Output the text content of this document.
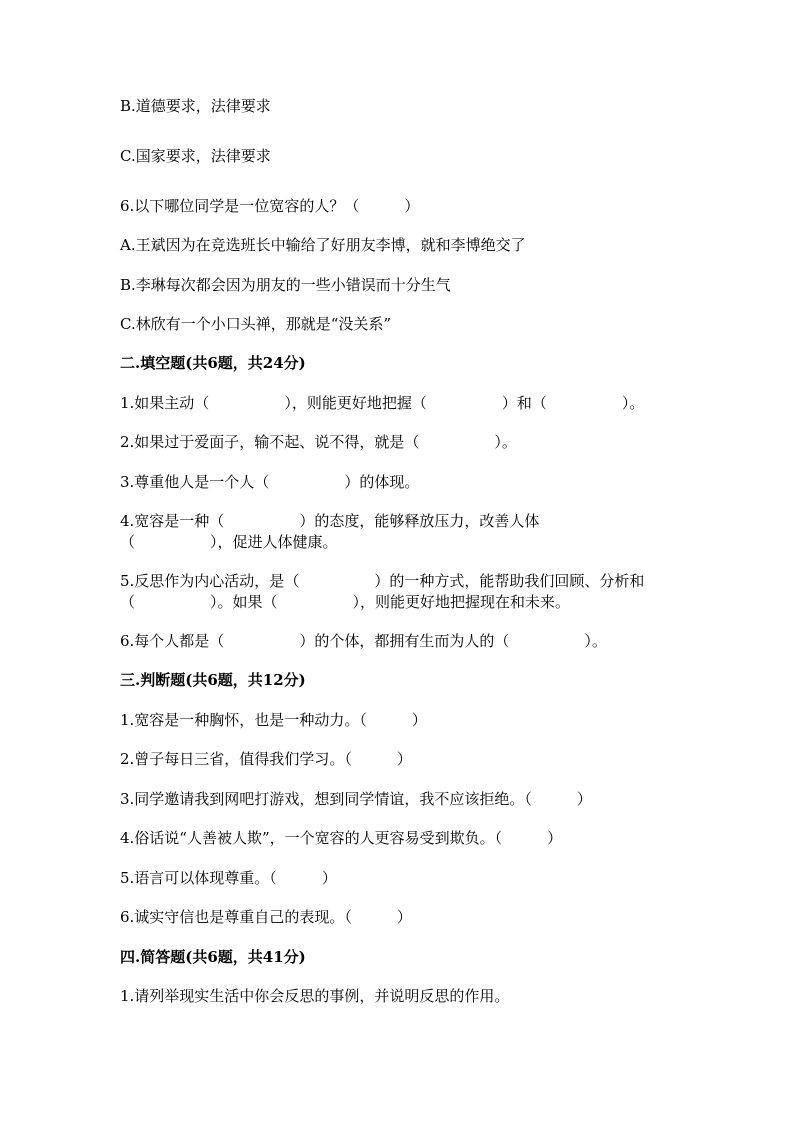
B.道德要求，法律要求

C.国家要求，法律要求

6.以下哪位同学是一位宽容的人？（　　　）

A.王斌因为在竞选班长中输给了好朋友李博，就和李博绝交了

B.李琳每次都会因为朋友的一些小错误而十分生气

C.林欣有一个小口头禅，那就是“没关系”

二.填空题(共6题，共24分)

1.如果主动（　　　　　），则能更好地把握（　　　　　）和（　　　　　）。

2.如果过于爱面子，输不起、说不得，就是（　　　　　）。

3.尊重他人是一个人（　　　　　）的体现。

4.宽容是一种（　　　　　）的态度，能够释放压力，改善人体

（　　　　　），促进人体健康。

5.反思作为内心活动，是（　　　　　）的一种方式，能帮助我们回顾、分析和

（　　　　　）。如果（　　　　　），则能更好地把握现在和未来。

6.每个人都是（　　　　　）的个体，都拥有生而为人的（　　　　　）。

三.判断题(共6题，共12分)

1.宽容是一种胸怀，也是一种动力。（　　　）

2.曾子每日三省，值得我们学习。（　　　）

3.同学邀请我到网吧打游戏，想到同学情谊，我不应该拒绝。（　　　）

4.俗话说“人善被人欺”，一个宽容的人更容易受到欺负。（　　　）

5.语言可以体现尊重。（　　　）

6.诚实守信也是尊重自己的表现。（　　　）

四.简答题(共6题，共41分)

1.请列举现实生活中你会反思的事例，并说明反思的作用。
